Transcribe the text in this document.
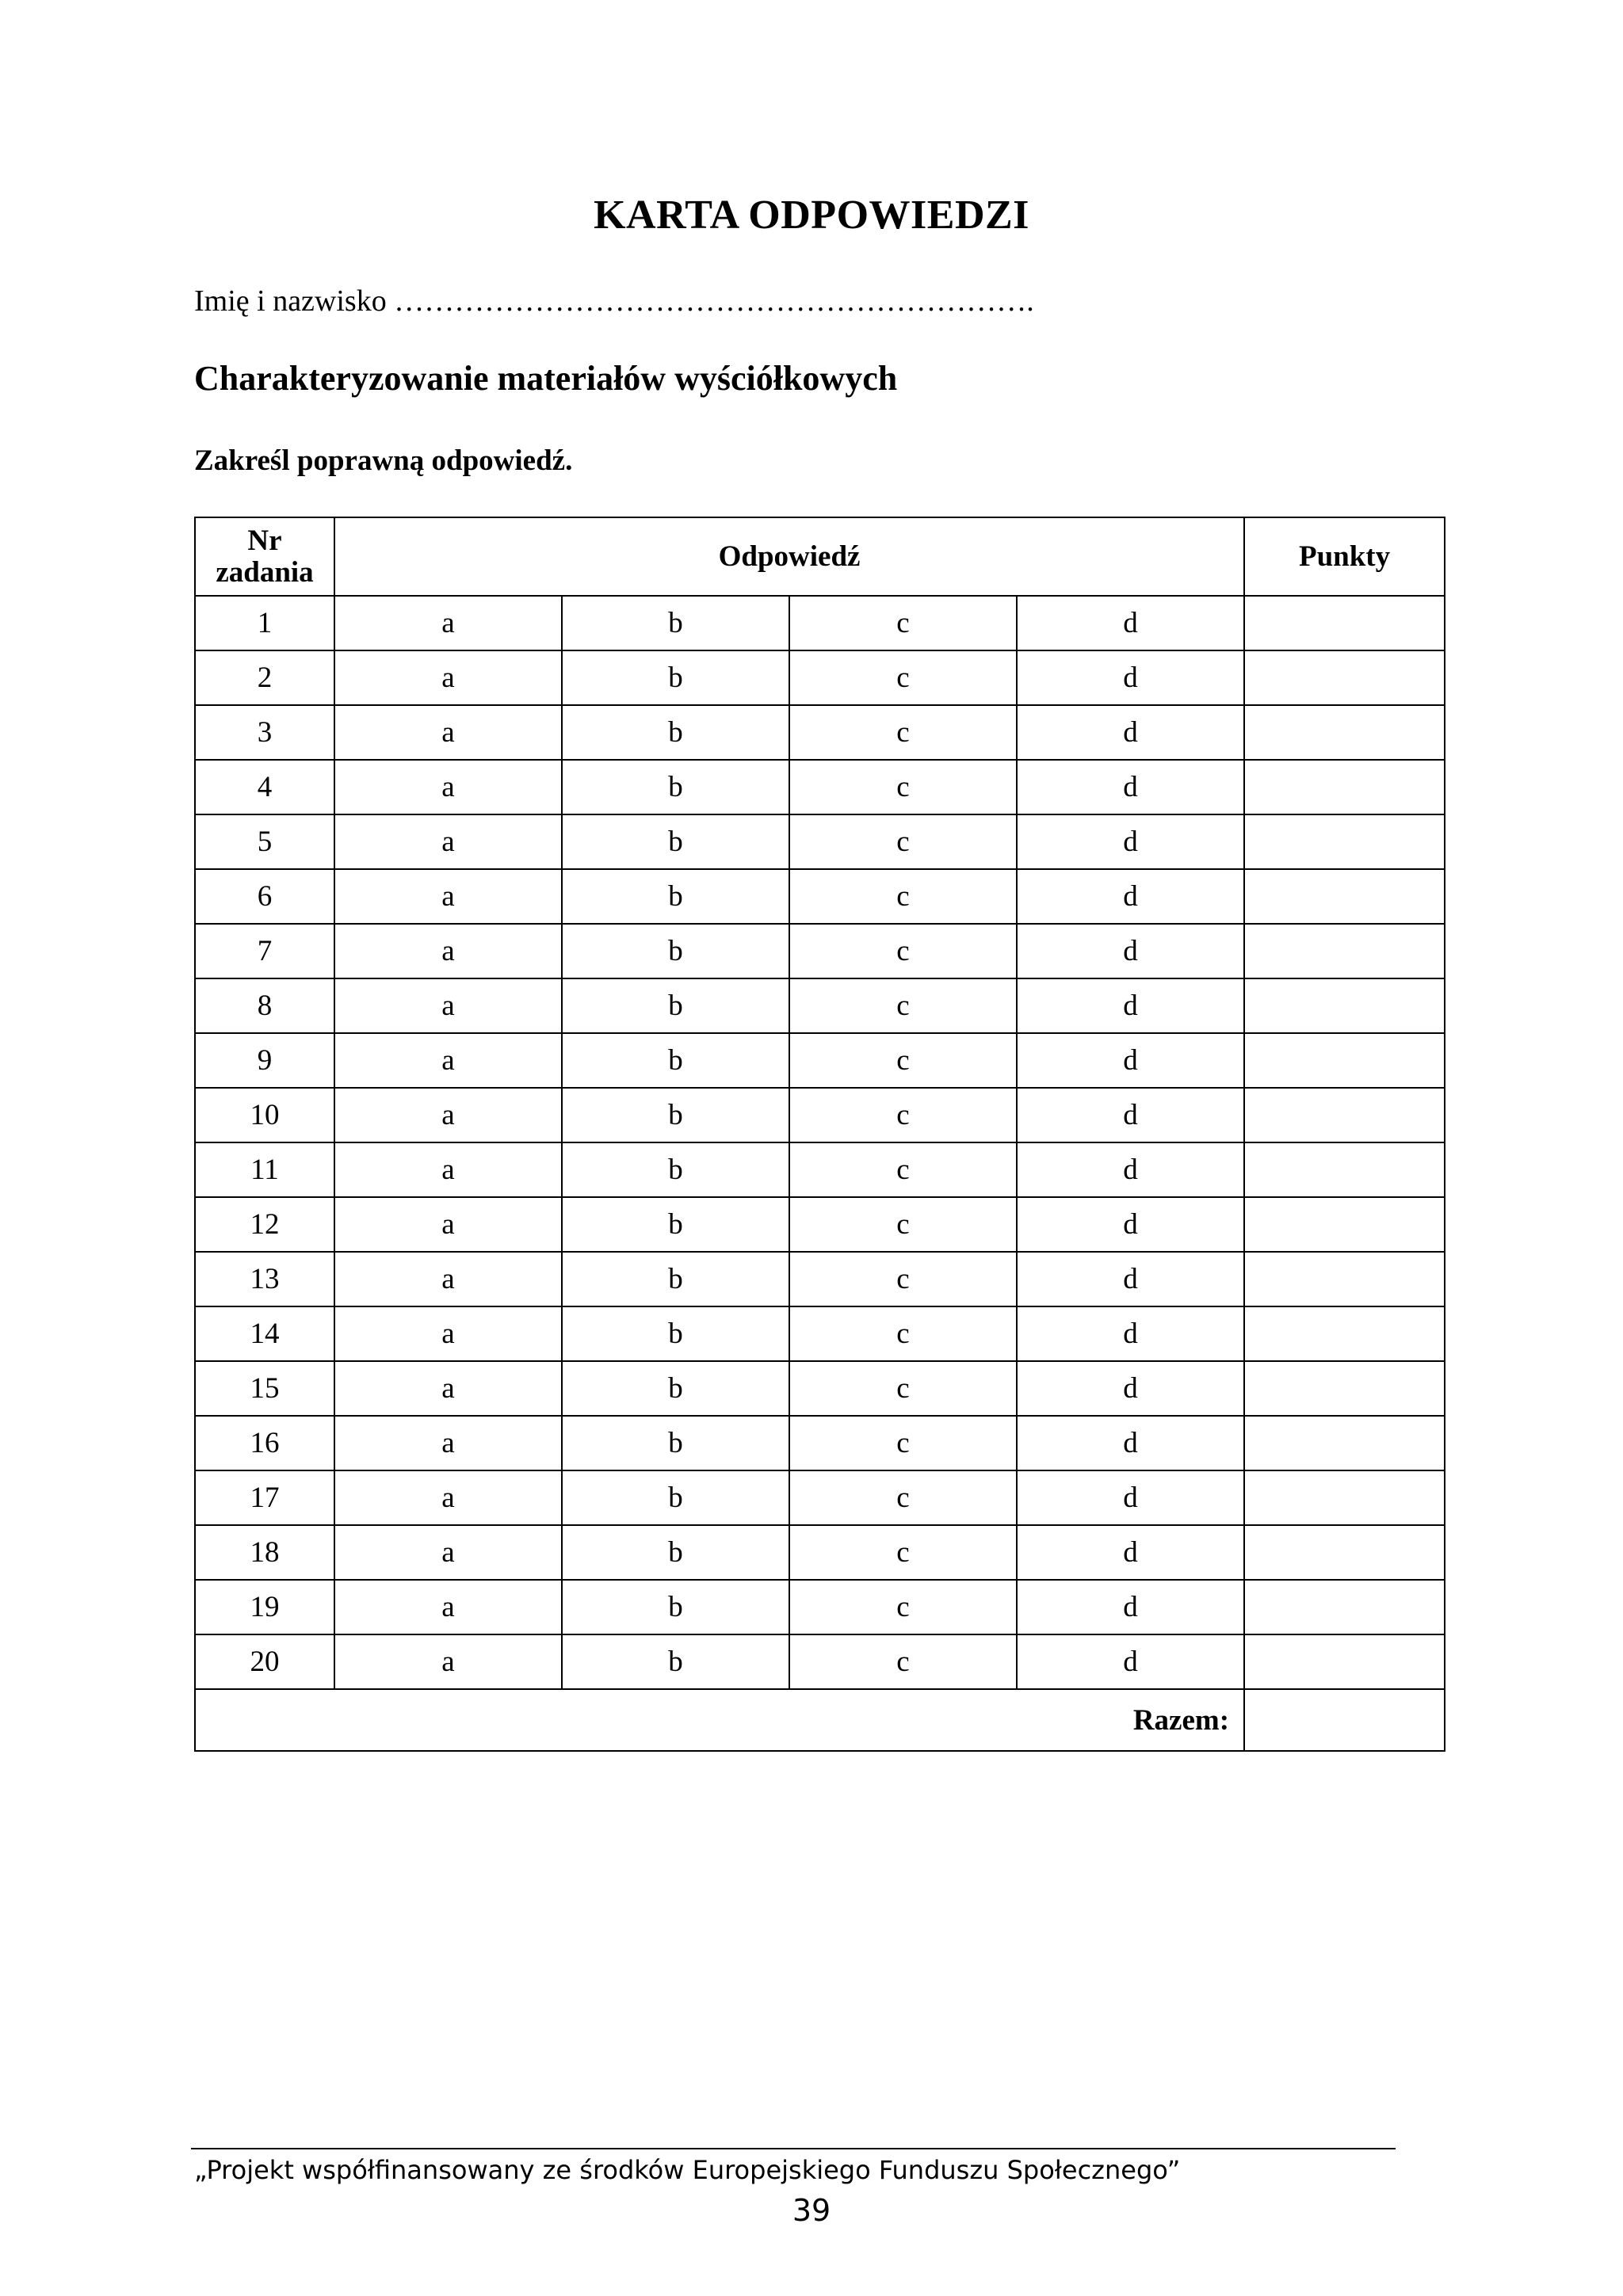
KARTA ODPOWIEDZI
Imię i nazwisko ……………………………………………………….
Charakteryzowanie materiałów wyściółkowych
Zakreśl poprawną odpowiedź.
Nr
zadania	Odpowiedź				Punkty
1	a	b	c	d	
2	a	b	c	d	
3	a	b	c	d	
4	a	b	c	d	
5	a	b	c	d	
6	a	b	c	d	
7	a	b	c	d	
8	a	b	c	d	
9	a	b	c	d	
10	a	b	c	d	
11	a	b	c	d	
12	a	b	c	d	
13	a	b	c	d	
14	a	b	c	d	
15	a	b	c	d	
16	a	b	c	d	
17	a	b	c	d	
18	a	b	c	d	
19	a	b	c	d	
20	a	b	c	d	
Razem:					
„Projekt współfinansowany ze środków Europejskiego Funduszu Społecznego”
39
